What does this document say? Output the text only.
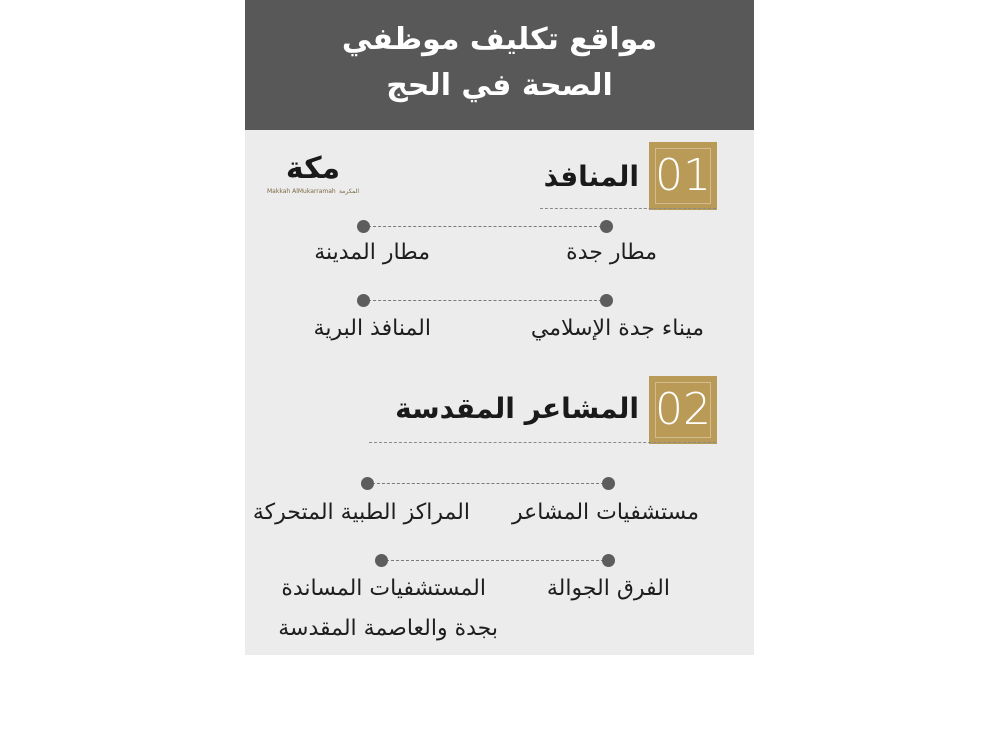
مواقع تكليف موظفي
الصحة في الحج
مكة
Makkah AlMukarramah المكرمة	01
المنافذ
مطار جدة
مطار المدينة
ميناء جدة الإسلامي
المنافذ البرية
02
المشاعر المقدسة
مستشفيات المشاعر
المراكز الطبية المتحركة
الفرق الجوالة
المستشفيات المساندة
بجدة والعاصمة المقدسة
